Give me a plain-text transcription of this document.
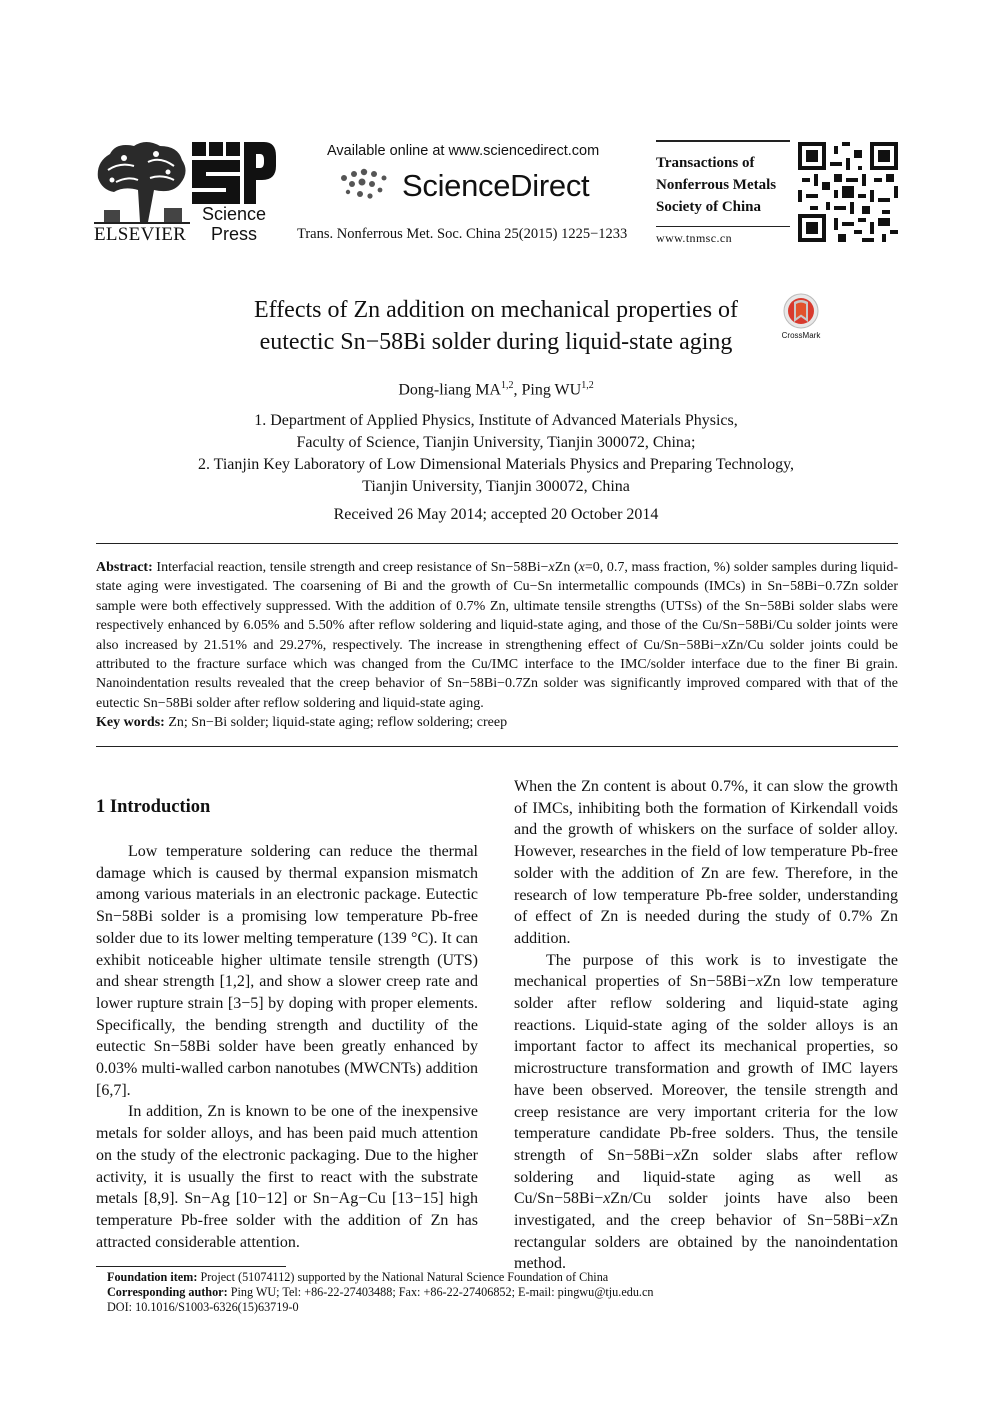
ELSEVIER
Science
Press
Available online at www.sciencedirect.com
ScienceDirect
Trans. Nonferrous Met. Soc. China 25(2015) 1225−1233
Transactions of
Nonferrous Metals
Society of China
www.tnmsc.cn
Effects of Zn addition on mechanical properties of
eutectic Sn−58Bi solder during liquid-state aging	CrossMark
Dong-liang MA$^{1,2}$, Ping WU$^{1,2}$
1. Department of Applied Physics, Institute of Advanced Materials Physics,
Faculty of Science, Tianjin University, Tianjin 300072, China;
2. Tianjin Key Laboratory of Low Dimensional Materials Physics and Preparing Technology,
Tianjin University, Tianjin 300072, China
Received 26 May 2014; accepted 20 October 2014
Abstract: Interfacial reaction, tensile strength and creep resistance of Sn−58Bi−xZn (x=0, 0.7, mass fraction, %) solder samples during liquid-state aging were investigated. The coarsening of Bi and the growth of Cu−Sn intermetallic compounds (IMCs) in Sn−58Bi−0.7Zn solder sample were both effectively suppressed. With the addition of 0.7% Zn, ultimate tensile strengths (UTSs) of the Sn−58Bi solder slabs were respectively enhanced by 6.05% and 5.50% after reflow soldering and liquid-state aging, and those of the Cu/Sn−58Bi/Cu solder joints were also increased by 21.51% and 29.27%, respectively. The increase in strengthening effect of Cu/Sn−58Bi−xZn/Cu solder joints could be attributed to the fracture surface which was changed from the Cu/IMC interface to the IMC/solder interface due to the finer Bi grain. Nanoindentation results revealed that the creep behavior of Sn−58Bi−0.7Zn solder was significantly improved compared with that of the eutectic Sn−58Bi solder after reflow soldering and liquid-state aging.
Key words: Zn; Sn−Bi solder; liquid-state aging; reflow soldering; creep
1 Introduction

Low temperature soldering can reduce the thermal damage which is caused by thermal expansion mismatch among various materials in an electronic package. Eutectic Sn−58Bi solder is a promising low temperature Pb-free solder due to its lower melting temperature (139 °C). It can exhibit noticeable higher ultimate tensile strength (UTS) and shear strength [1,2], and show a slower creep rate and lower rupture strain [3−5] by doping with proper elements. Specifically, the bending strength and ductility of the eutectic Sn−58Bi solder have been greatly enhanced by 0.03% multi-walled carbon nanotubes (MWCNTs) addition [6,7].

In addition, Zn is known to be one of the inexpensive metals for solder alloys, and has been paid much attention on the study of the electronic packaging. Due to the higher activity, it is usually the first to react with the substrate metals [8,9]. Sn−Ag [10−12] or Sn−Ag−Cu [13−15] high temperature Pb-free solder with the addition of Zn has attracted considerable attention.

When the Zn content is about 0.7%, it can slow the growth of IMCs, inhibiting both the formation of Kirkendall voids and the growth of whiskers on the surface of solder alloy. However, researches in the field of low temperature Pb-free solder with the addition of Zn are few. Therefore, in the research of low temperature Pb-free solder, understanding of effect of Zn is needed during the study of 0.7% Zn addition.

The purpose of this work is to investigate the mechanical properties of Sn−58Bi−xZn low temperature solder after reflow soldering and liquid-state aging reactions. Liquid-state aging of the solder alloys is an important factor to affect its mechanical properties, so microstructure transformation and growth of IMC layers have been observed. Moreover, the tensile strength and creep resistance are very important criteria for the low temperature candidate Pb-free solders. Thus, the tensile strength of Sn−58Bi−xZn solder slabs after reflow soldering and liquid-state aging as well as Cu/Sn−58Bi−xZn/Cu solder joints have also been investigated, and the creep behavior of Sn−58Bi−xZn rectangular solders are obtained by the nanoindentation method.

Foundation item: Project (51074112) supported by the National Natural Science Foundation of China
Corresponding author: Ping WU; Tel: +86-22-27403488; Fax: +86-22-27406852; E-mail: pingwu@tju.edu.cn
DOI: 10.1016/S1003-6326(15)63719-0
